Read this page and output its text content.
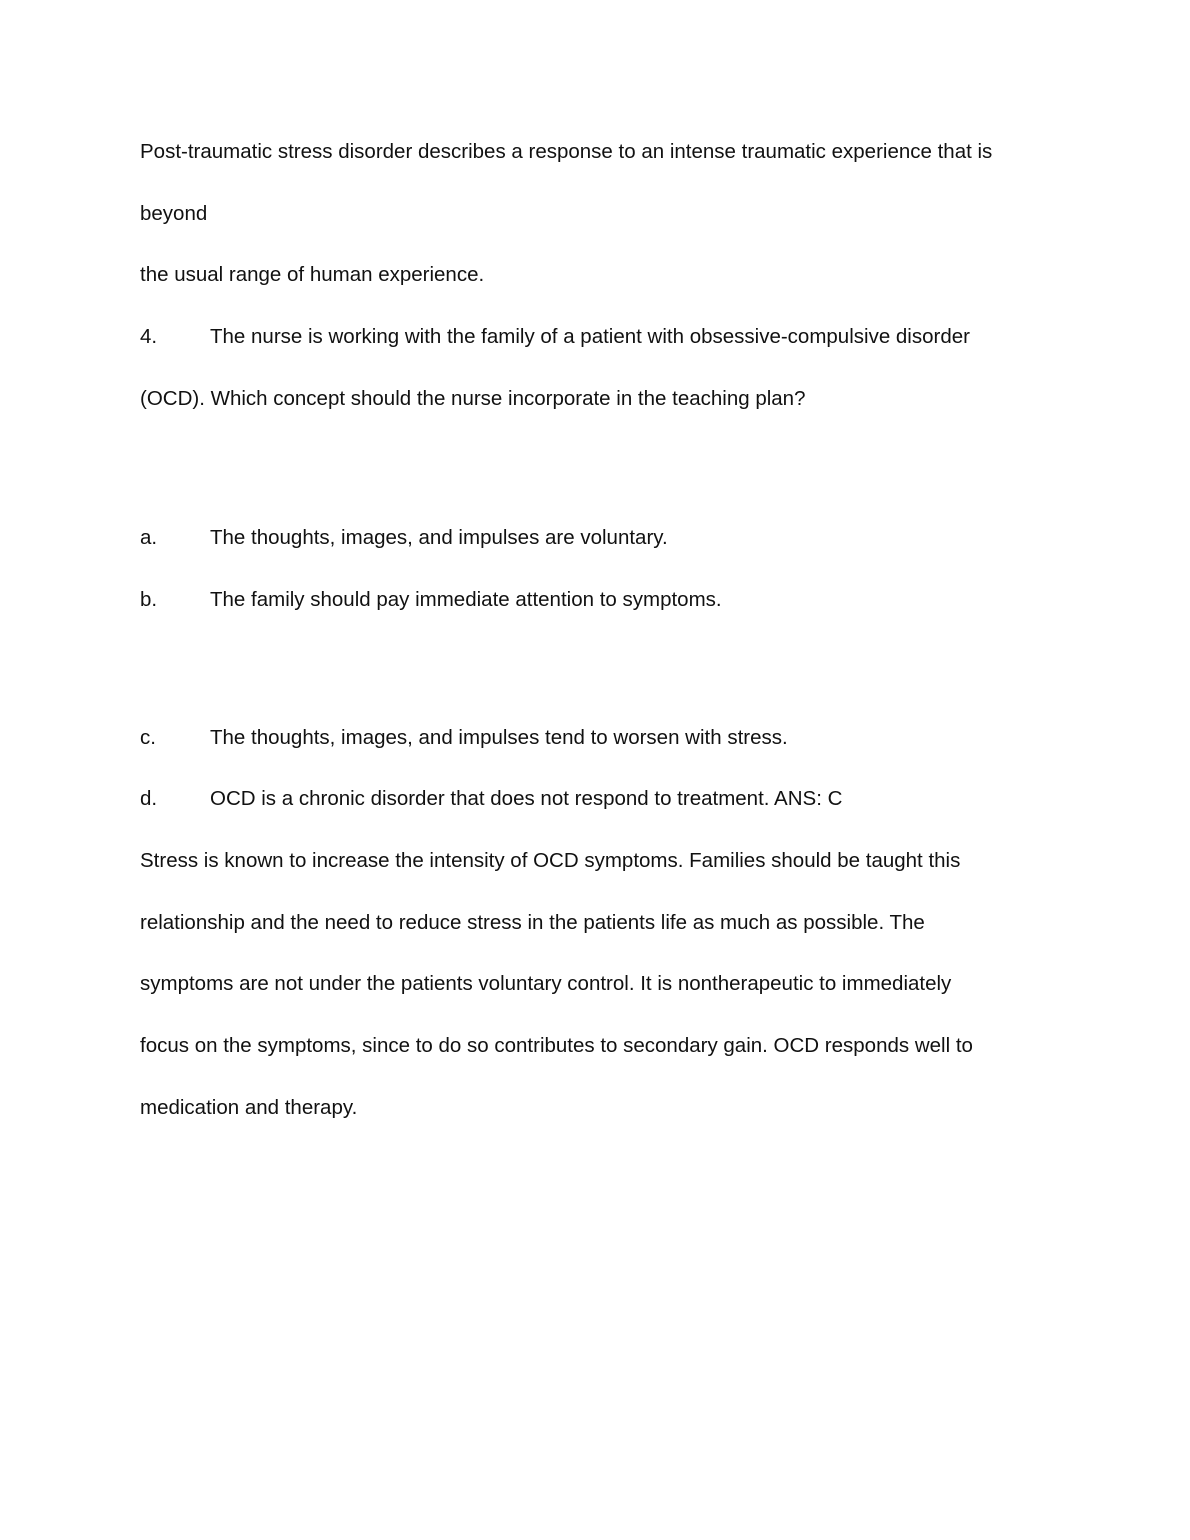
Post-traumatic stress disorder describes a response to an intense traumatic experience that is

beyond

the usual range of human experience.

4.	The nurse is working with the family of a patient with obsessive-compulsive disorder

(OCD). Which concept should the nurse incorporate in the teaching plan?

a.	The thoughts, images, and impulses are voluntary.

b.	The family should pay immediate attention to symptoms.

c.	The thoughts, images, and impulses tend to worsen with stress.

d.	OCD is a chronic disorder that does not respond to treatment. ANS: C

Stress is known to increase the intensity of OCD symptoms. Families should be taught this

relationship and the need to reduce stress in the patients life as much as possible. The

symptoms are not under the patients voluntary control. It is nontherapeutic to immediately

focus on the symptoms, since to do so contributes to secondary gain. OCD responds well to

medication and therapy.
